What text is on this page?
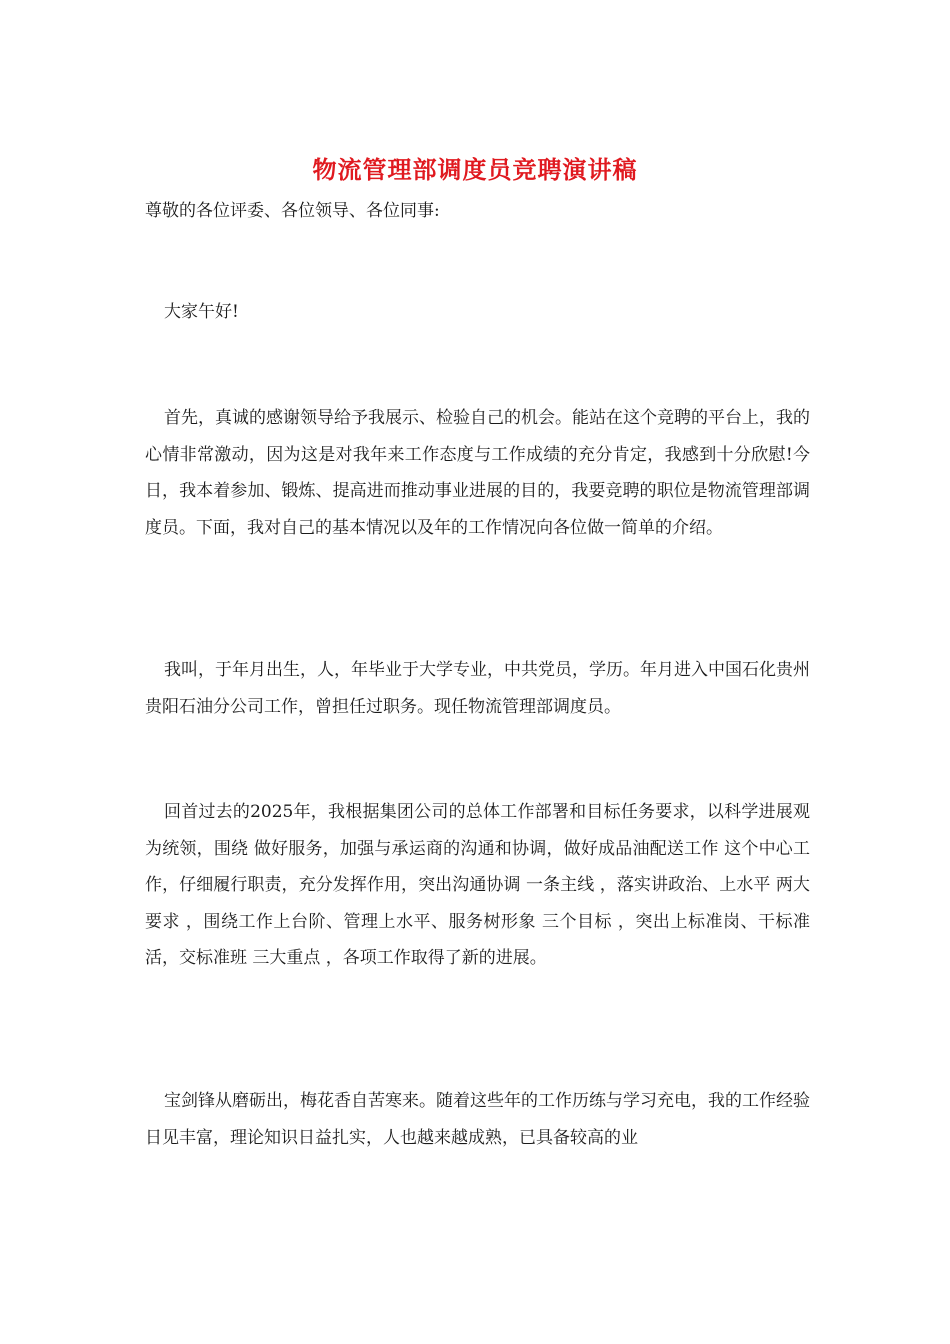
物流管理部调度员竞聘演讲稿
尊敬的各位评委、各位领导、各位同事:

大家午好!

首先，真诚的感谢领导给予我展示、检验自己的机会。能站在这个竞聘的平台上，我的心情非常激动，因为这是对我年来工作态度与工作成绩的充分肯定，我感到十分欣慰!今日，我本着参加、锻炼、提高进而推动事业进展的目的，我要竞聘的职位是物流管理部调度员。下面，我对自己的基本情况以及年的工作情况向各位做一简单的介绍。

我叫，于年月出生，人，年毕业于大学专业，中共党员，学历。年月进入中国石化贵州贵阳石油分公司工作，曾担任过职务。现任物流管理部调度员。

回首过去的2025年，我根据集团公司的总体工作部署和目标任务要求，以科学进展观为统领，围绕 做好服务，加强与承运商的沟通和协调，做好成品油配送工作 这个中心工作，仔细履行职责，充分发挥作用，突出沟通协调 一条主线 ，落实讲政治、上水平 两大要求 ，围绕工作上台阶、管理上水平、服务树形象 三个目标 ，突出上标准岗、干标准活，交标准班 三大重点 ，各项工作取得了新的进展。

宝剑锋从磨砺出，梅花香自苦寒来。随着这些年的工作历练与学习充电，我的工作经验日见丰富，理论知识日益扎实，人也越来越成熟，已具备较高的业
